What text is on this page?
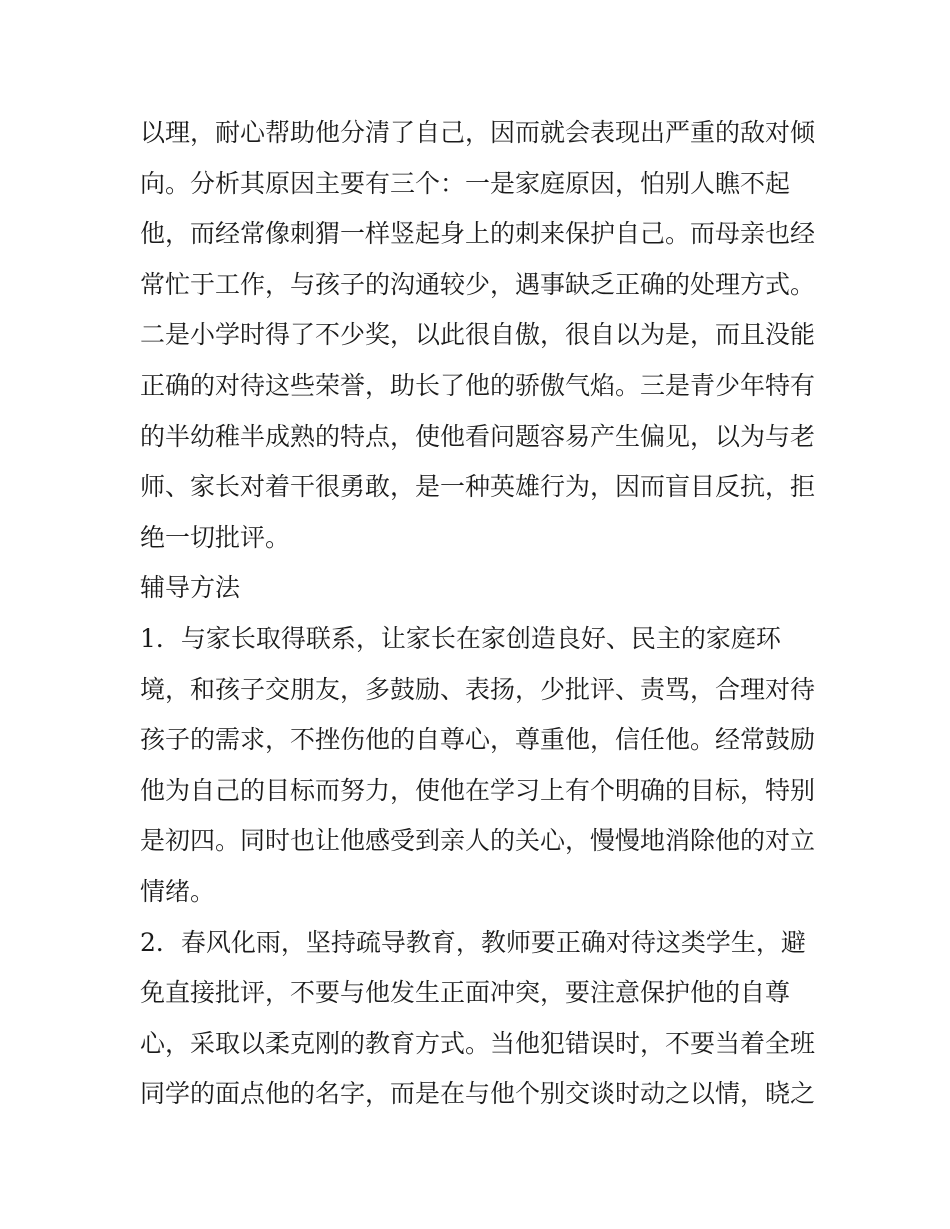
以理，耐心帮助他分清了自己，因而就会表现出严重的敌对倾
向。分析其原因主要有三个：一是家庭原因，怕别人瞧不起
他，而经常像刺猬一样竖起身上的刺来保护自己。而母亲也经
常忙于工作，与孩子的沟通较少，遇事缺乏正确的处理方式。
二是小学时得了不少奖，以此很自傲，很自以为是，而且没能
正确的对待这些荣誉，助长了他的骄傲气焰。三是青少年特有
的半幼稚半成熟的特点，使他看问题容易产生偏见，以为与老
师、家长对着干很勇敢，是一种英雄行为，因而盲目反抗，拒
绝一切批评。
辅导方法
1．与家长取得联系，让家长在家创造良好、民主的家庭环
境，和孩子交朋友，多鼓励、表扬，少批评、责骂，合理对待
孩子的需求，不挫伤他的自尊心，尊重他，信任他。经常鼓励
他为自己的目标而努力，使他在学习上有个明确的目标，特别
是初四。同时也让他感受到亲人的关心，慢慢地消除他的对立
情绪。
2．春风化雨，坚持疏导教育，教师要正确对待这类学生，避
免直接批评，不要与他发生正面冲突，要注意保护他的自尊
心，采取以柔克刚的教育方式。当他犯错误时，不要当着全班
同学的面点他的名字，而是在与他个别交谈时动之以情，晓之
